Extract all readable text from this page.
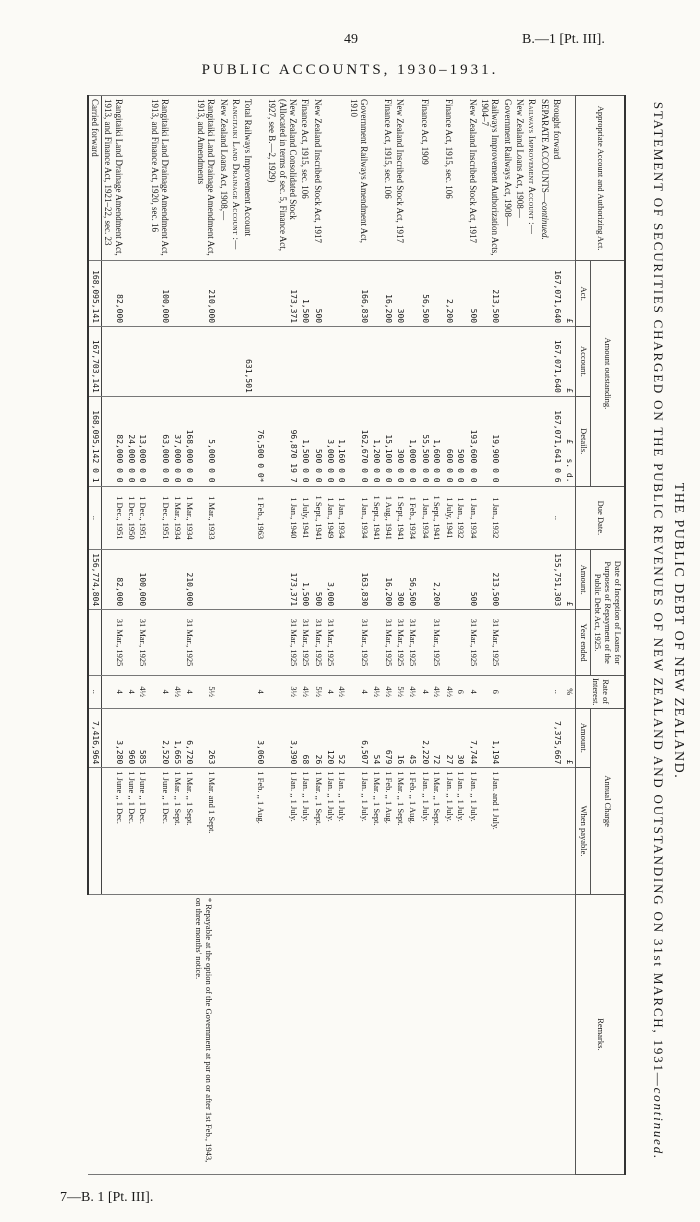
49	B.—1 [Pt. III].
PUBLIC ACCOUNTS, 1930–1931.
THE PUBLIC DEBT OF NEW ZEALAND.
STATEMENT OF SECURITIES CHARGED ON THE PUBLIC REVENUES OF NEW ZEALAND AND OUTSTANDING ON 31st MARCH, 1931—continued.
Appropriate Account and Authorizing Act.	Amount outstanding.			Due Date.	Date of Inception of Loans for Purposes of Repayment of the Public Debt Act, 1925.		Rate of Interest.	Annual Charge		Remarks.
	Act.	Account.	Details.		Amount.	Year ended		Amount.	When payable.	
	£	£	£   s. d.		£		%	£		* Repayable at the option of the Government at par on or after 1st Feb., 1943, on three months' notice.

Brought forward	167,071,640	167,071,640	167,071,641 0 6	..	155,751,303		..	7,375,667		
SEPARATE ACCOUNTS—continued.										
Railways Improvement Account :—										
New Zealand Loans Act, 1908—										
Government Railways Act, 1908—										
Railways Improvement Authorization Acts, 1904–7	213,500		19,900 0 0	1 Jan., 1932	213,500	31 Mar., 1925	6	1,194	1 Jan. and 1 July.	
New Zealand Inscribed Stock Act, 1917	500		193,600 0 0	1 Jan., 1934	500	31 Mar., 1925	4	7,744	1 Jan. ,, 1 July.	
			500 0 0	1 Jan., 1932			6	30	1 Jan. ,, 1 July.	
Finance Act, 1915, sec. 106	2,200		600 0 0	1 July, 1941			4½	27	1 Jan. ,, 1 July.	
			1,600 0 0	1 Sept., 1941	2,200	31 Mar., 1925	4½	72	1 Mar. ,, 1 Sept.	
Finance Act, 1909	56,500		55,500 0 0	1 Jan., 1934			4	2,220	1 Jan. ,, 1 July.	
			1,000 0 0	1 Feb., 1934	56,500	31 Mar., 1925	4½	45	1 Feb. ,, 1 Aug.	
New Zealand Inscribed Stock Act, 1917	300		300 0 0	1 Sept., 1941	300	31 Mar., 1925	5½	16	1 Mar. ,, 1 Sept.	
Finance Act, 1915, sec. 106	16,200		15,100 0 0	1 Aug., 1941	16,200	31 Mar., 1925	4½	679	1 Feb. ,, 1 Aug.	
			1,200 0 0	1 Sept., 1941			4½	54	1 Mar. ,, 1 Sept.	
Government Railways Amendment Act, 1910	166,830		162,670 0 0	1 Jan., 1934	163,830	31 Mar., 1925	4	6,507	1 Jan. ,, 1 July.	
			1,160 0 0	1 Jan., 1934			4½	52	1 Jan. ,, 1 July.	
			3,000 0 0	1 Jan., 1949	3,000	31 Mar., 1925	4	120	1 Jan. ,, 1 July.	
New Zealand Inscribed Stock Act, 1917	500		500 0 0	1 Sept., 1941	500	31 Mar., 1925	5½	26	1 Mar. ,, 1 Sept.	
Finance Act, 1915, sec. 106	1,500		1,500 0 0	1 July, 1941	1,500	31 Mar., 1925	4½	68	1 Jan. ,, 1 July.	
New Zealand Consolidated Stock (Allocated in terms of sec. 5, Finance Act, 1927, see B.—2, 1929)	173,371		96,870 19 7	1 Jan., 1940	173,371	31 Mar., 1925	3½	3,390	1 Jan. ,, 1 July.	
			76,500 0 0*	1 Feb., 1963			4	3,060	1 Feb. ,, 1 Aug.	
Total Railways Improvement Account		631,501								
Rangitaiki Land Drainage Account :—										
New Zealand Loans Act, 1908,—										
Rangitaiki Land Drainage Amendment Act, 1913, and Amendments	210,000		5,000 0 0	1 Mar., 1933			5½	263	1 Mar. and 1 Sept.	
			168,000 0 0	1 Mar., 1934	210,000	31 Mar., 1925	4	6,720	1 Mar. ,, 1 Sept.	
			37,000 0 0	1 Mar., 1934			4½	1,665	1 Mar. ,, 1 Sept.	
Rangitaiki Land Drainage Amendment Act, 1913, and Finance Act, 1920, sec. 16	100,000		63,000 0 0	1 Dec., 1951			4	2,520	1 June ,, 1 Dec.	
			13,000 0 0	1 Dec., 1951	100,000	31 Mar., 1925	4½	585	1 June ,, 1 Dec.	
			24,000 0 0	1 Dec., 1950			4	960	1 June ,, 1 Dec.	
Rangitaiki Land Drainage Amendment Act, 1913, and Finance Act, 1921–22, sec. 23	82,000		82,000 0 0	1 Dec., 1951	82,000	31 Mar., 1925	4	3,280	1 June ,, 1 Dec.	
Carried forward	168,095,141	167,703,141	168,095,142 0 1	..	156,774,804		..	7,416,964		
7—B. 1 [Pt. III].
